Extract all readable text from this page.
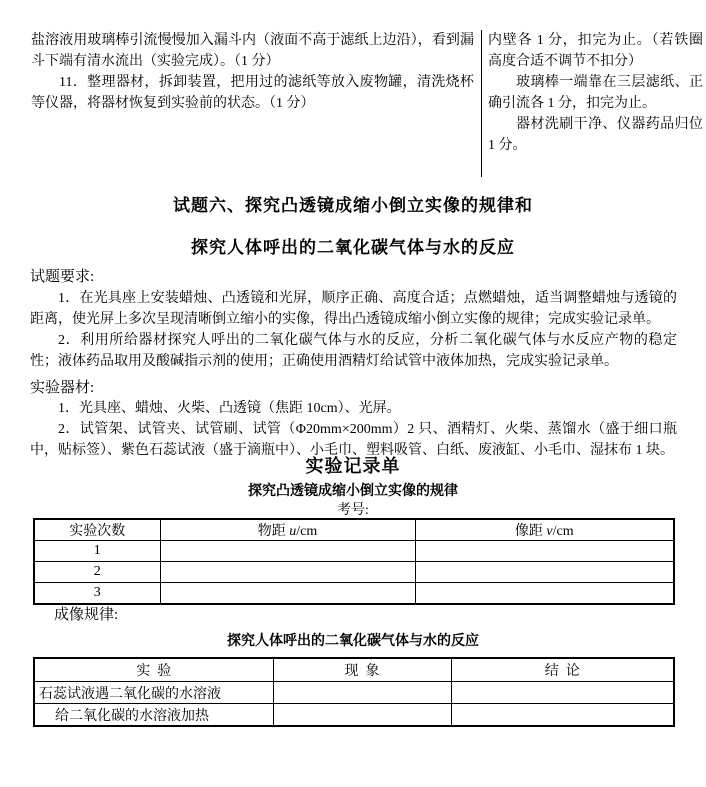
盐溶液用玻璃棒引流慢慢加入漏斗内（液面不高于滤纸上边沿），看到漏斗下端有清水流出（实验完成）。（1 分）

11．整理器材，拆卸装置，把用过的滤纸等放入废物罐，清洗烧杯等仪器，将器材恢复到实验前的状态。（1 分）

内壁各 1 分，扣完为止。（若铁圈高度合适不调节不扣分）

玻璃棒一端靠在三层滤纸、正确引流各 1 分，扣完为止。

器材洗刷干净、仪器药品归位 1 分。

试题六、探究凸透镜成缩小倒立实像的规律和
探究人体呼出的二氧化碳气体与水的反应
试题要求:

1．在光具座上安装蜡烛、凸透镜和光屏，顺序正确、高度合适；点燃蜡烛，适当调整蜡烛与透镜的距离，使光屏上多次呈现清晰倒立缩小的实像，得出凸透镜成缩小倒立实像的规律；完成实验记录单。

2．利用所给器材探究人呼出的二氧化碳气体与水的反应，分析二氧化碳气体与水反应产物的稳定性；液体药品取用及酸碱指示剂的使用；正确使用酒精灯给试管中液体加热，完成实验记录单。

实验器材:

1．光具座、蜡烛、火柴、凸透镜（焦距 10cm）、光屏。

2．试管架、试管夹、试管刷、试管（Φ20mm×200mm）2 只、酒精灯、火柴、蒸馏水（盛于细口瓶中，贴标签）、紫色石蕊试液（盛于滴瓶中）、小毛巾、塑料吸管、白纸、废液缸、小毛巾、湿抹布 1 块。

实验记录单
探究凸透镜成缩小倒立实像的规律
考号:
实验次数	物距 u/cm	像距 v/cm
1		
2		
3		
成像规律:
探究人体呼出的二氧化碳气体与水的反应
实  验	现  象	结  论
石蕊试液遇二氧化碳的水溶液		
给二氧化碳的水溶液加热		
